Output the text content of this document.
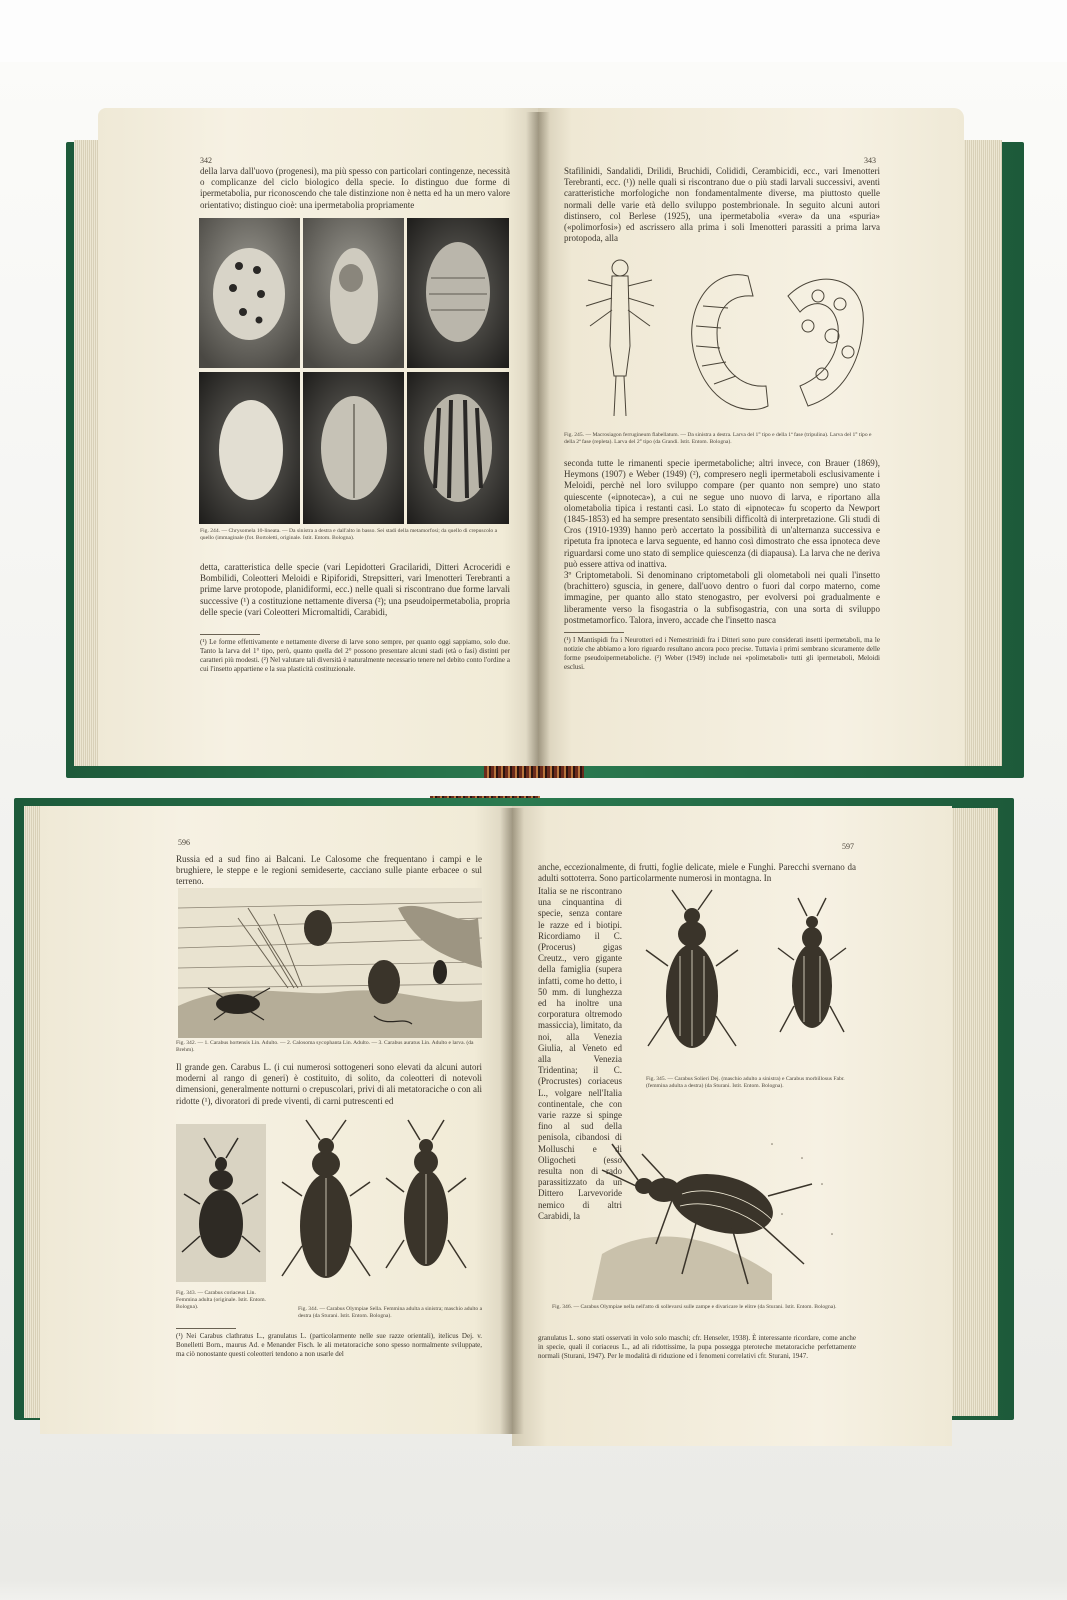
342

della larva dall'uovo (progenesi), ma più spesso con particolari contingenze, necessità o complicanze del ciclo biologico della specie. Io distinguo due forme di ipermetabolia, pur riconoscendo che tale distinzione non è netta ed ha un mero valore orientativo; distinguo cioè: una ipermetabolia propriamente

Fig. 244. — Chrysomela 10-lineata. — Da sinistra a destra e dall'alto in basso. Sei stadi della metamorfosi; da quello di crepuscolo a quello (immaginale (fot. Bortoletti, originale. Istit. Entom. Bologna).

detta, caratteristica delle specie (vari Lepidotteri Gracilaridi, Ditteri Acroceridi e Bombilidi, Coleotteri Meloidi e Ripiforidi, Strepsitteri, vari Imenotteri Terebranti a prime larve protopode, planidiformi, ecc.) nelle quali si riscontrano due forme larvali successive (¹) a costituzione nettamente diversa (²); una pseudoipermetabolia, propria delle specie (vari Coleotteri Micromaltidi, Carabidi,

(¹) Le forme effettivamente e nettamente diverse di larve sono sempre, per quanto oggi sappiamo, solo due. Tanto la larva del 1° tipo, però, quanto quella del 2° possono presentare alcuni stadi (età o fasi) distinti per caratteri più modesti. (²) Nel valutare tali diversità è naturalmente necessario tenere nel debito conto l'ordine a cui l'insetto appartiene e la sua plasticità costituzionale.

343

Stafilinidi, Sandalidi, Drilidi, Bruchidi, Colididi, Cerambicidi, ecc., vari Imenotteri Terebranti, ecc. (¹)) nelle quali si riscontrano due o più stadi larvali successivi, aventi caratteristiche morfologiche non fondamentalmente diverse, ma piuttosto quelle normali delle varie età dello sviluppo postembrionale. In seguito alcuni autori distinsero, col Berlese (1925), una ipermetabolia «vera» da una «spuria» («polimorfosi») ed ascrissero alla prima i soli Imenotteri parassiti a prima larva protopoda, alla

Fig. 245. — Macrosiagon ferrugineum flabellatum. — Da sinistra a destra. Larva del 1° tipo e della 1ª fase (tripulina). Larva del 1° tipo e della 2ª fase (repleta). Larva del 2° tipo (da Grandi. Istit. Entom. Bologna).

seconda tutte le rimanenti specie ipermetaboliche; altri invece, con Brauer (1869), Heymons (1907) e Weber (1949) (²), compresero negli ipermetaboli esclusivamente i Meloidi, perchè nel loro sviluppo compare (per quanto non sempre) uno stato quiescente («ipnoteca»), a cui ne segue uno nuovo di larva, e riportano alla olometabolia tipica i restanti casi. Lo stato di «ipnoteca» fu scoperto da Newport (1845-1853) ed ha sempre presentato sensibili difficoltà di interpretazione. Gli studi di Cros (1910-1939) hanno però accertato la possibilità di un'alternanza successiva e ripetuta fra ipnoteca e larva seguente, ed hanno così dimostrato che essa ipnoteca deve riguardarsi come uno stato di semplice quiescenza (di diapausa). La larva che ne deriva può essere attiva od inattiva.

3º Criptometaboli. Si denominano criptometaboli gli olometaboli nei quali l'insetto (brachittero) sguscia, in genere, dall'uovo dentro o fuori dal corpo materno, come immagine, per quanto allo stato stenogastro, per evolversi poi gradualmente e liberamente verso la fisogastria o la subfisogastria, con una sorta di sviluppo postmetamorfico. Talora, invero, accade che l'insetto nasca

(¹) I Mantispidi fra i Neurotteri ed i Nemestrinidi fra i Ditteri sono pure considerati insetti ipermetaboli, ma le notizie che abbiamo a loro riguardo resultano ancora poco precise. Tuttavia i primi sembrano sicuramente delle forme pseudoipermetaboliche. (²) Weber (1949) include nei «polimetaboli» tutti gli ipermetaboli, Meloidi esclusi.

596

Russia ed a sud fino ai Balcani. Le Calosome che frequentano i campi e le brughiere, le steppe e le regioni semidesertе, cacciano sulle piante erbacee o sul terreno.

Fig. 342. — 1. Carabus hortensis Lin. Adulto. — 2. Calosoma sycophanta Lin. Adulto. — 3. Carabus auratus Lin. Adulto e larva. (da Brehm).

Il grande gen. Carabus L. (i cui numerosi sottogeneri sono elevati da alcuni autori moderni al rango di generi) è costituito, di solito, da coleotteri di notevoli dimensioni, generalmente notturni o crepuscolari, privi di ali metatoraciche o con ali ridotte (¹), divoratori di prede viventi, di carni putrescenti ed

Fig. 343. — Carabus coriaceus Lin. Femmina adulta (originale. Istit. Entom. Bologna).	Fig. 344. — Carabus Olympiae Sella. Femmina adulta a sinistra; maschio adulto a destra (da Sturani. Istit. Entom. Bologna).

(¹) Nei Carabus clathratus L., granulatus L. (particolarmente nelle sue razze orientali), itelicus Dej. v. Bonelletti Born., maurus Ad. e Menander Fisch. le ali metatoraciche sono spesso normalmente sviluppate, ma ciò nonostante questi coleotteri tendono a non usarle del

597

anche, eccezionalmente, di frutti, foglie delicate, miele e Funghi. Parecchi svernano da adulti sottoterra. Sono particolarmente numerosi in montagna. In

Italia se ne riscontrano una cinquantina di specie, senza contare le razze ed i biotipi. Ricordiamo il C. (Procerus) gigas Creutz., vero gigante della famiglia (supera infatti, come ho detto, i 50 mm. di lunghezza ed ha inoltre una corporatura oltremodo massiccia), limitato, da noi, alla Venezia Giulia, al Veneto ed alla Venezia Tridentina; il C. (Procrustes) coriaceus L., volgare nell'Italia continentale, che con varie razze si spinge fino al sud della penisola, cibandosi di Molluschi e di Oligocheti (esso resulta non di rado parassitizzato da un Dittero Larvevoride nemico di altri Carabidi, la

Fig. 345. — Carabus Solieri Dej. (maschio adulto a sinistra) e Carabus morbillosus Fabr. (femmina adulta a destra) (da Sturani. Istit. Entom. Bologna).
Fig. 346. — Carabus Olympiae nella nell'atto di sollevarsi sulle zampe e divaricare le elitre (da Sturani. Istit. Entom. Bologna).

granulatus L. sono stati osservati in volo solo maschi; cfr. Henseler, 1938). È interessante ricordare, come anche in specie, quali il coriaceus L., ad ali ridottissime, la pupa possegga pterotеche metatoraciche perfettamente normali (Sturani, 1947). Per le modalità di riduzione ed i fenomeni correlativi cfr. Sturani, 1947.
